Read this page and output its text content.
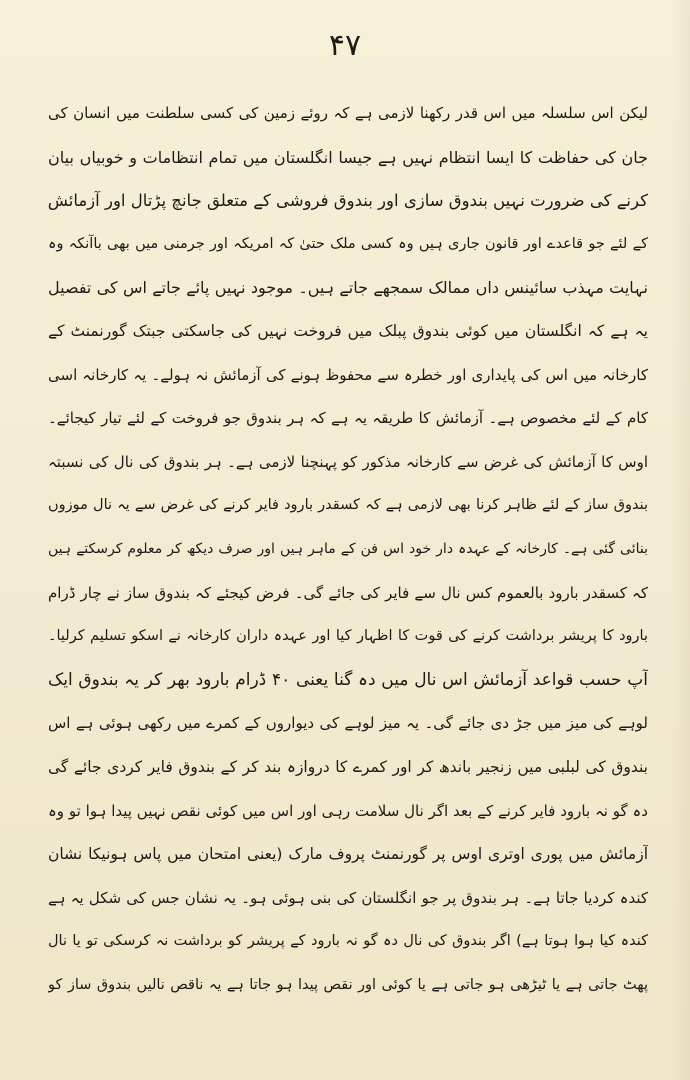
۴۷
لیکن اس سلسلہ میں اس قدر رکھنا لازمی ہے کہ روئے زمین کی کسی سلطنت میں انسان کی
جان کی حفاظت کا ایسا انتظام نہیں ہے جیسا انگلستان میں تمام انتظامات و خوبیاں بیان
کرنے کی ضرورت نہیں بندوق سازی اور بندوق فروشی کے متعلق جانچ پڑتال اور آزمائش
کے لئے جو قاعدے اور قانون جاری ہیں وہ کسی ملک حتیٰ کہ امریکہ اور جرمنی میں بھی باآنکہ وہ
نہایت مہذب سائینس داں ممالک سمجھے جاتے ہیں۔ موجود نہیں پائے جاتے اس کی تفصیل
یہ ہے کہ انگلستان میں کوئی بندوق پبلک میں فروخت نہیں کی جاسکتی جبتک گورنمنٹ کے
کارخانہ میں اس کی پایداری اور خطرہ سے محفوظ ہونے کی آزمائش نہ ہولے۔ یہ کارخانہ اسی
کام کے لئے مخصوص ہے۔ آزمائش کا طریقہ یہ ہے کہ ہر بندوق جو فروخت کے لئے تیار کیجائے۔
اوس کا آزمائش کی غرض سے کارخانہ مذکور کو پہنچنا لازمی ہے۔ ہر بندوق کی نال کی نسبتہ
بندوق ساز کے لئے ظاہر کرنا بھی لازمی ہے کہ کسقدر بارود فایر کرنے کی غرض سے یہ نال موزوں
بنائی گئی ہے۔ کارخانہ کے عہدہ دار خود اس فن کے ماہر ہیں اور صرف دیکھ کر معلوم کرسکتے ہیں
کہ کسقدر بارود بالعموم کس نال سے فایر کی جائے گی۔ فرض کیجئے کہ بندوق ساز نے چار ڈرام
بارود کا پریشر برداشت کرنے کی قوت کا اظہار کیا اور عہدہ داران کارخانہ نے اسکو تسلیم کرلیا۔
آپ حسب قواعد آزمائش اس نال میں دہ گنا یعنی ۴۰ ڈرام بارود بھر کر یہ بندوق ایک
لوہے کی میز میں جڑ دی جائے گی۔ یہ میز لوہے کی دیواروں کے کمرے میں رکھی ہوئی ہے اس
بندوق کی لبلبی میں زنجیر باندھ کر اور کمرے کا دروازہ بند کر کے بندوق فایر کردی جائے گی
دہ گو نہ بارود فایر کرنے کے بعد اگر نال سلامت رہی اور اس میں کوئی نقص نہیں پیدا ہوا تو وہ
آزمائش میں پوری اوتری اوس پر گورنمنٹ پروف مارک (یعنی امتحان میں پاس ہونیکا نشان
کندہ کردیا جاتا ہے۔ ہر بندوق پر جو انگلستان کی بنی ہوئی ہو۔ یہ نشان جس کی شکل یہ ہے
کندہ کیا ہوا ہوتا ہے) اگر بندوق کی نال دہ گو نہ بارود کے پریشر کو برداشت نہ کرسکی تو یا نال
پھٹ جاتی ہے یا ٹیڑھی ہو جاتی ہے یا کوئی اور نقص پیدا ہو جاتا ہے یہ ناقص نالیں بندوق ساز کو
